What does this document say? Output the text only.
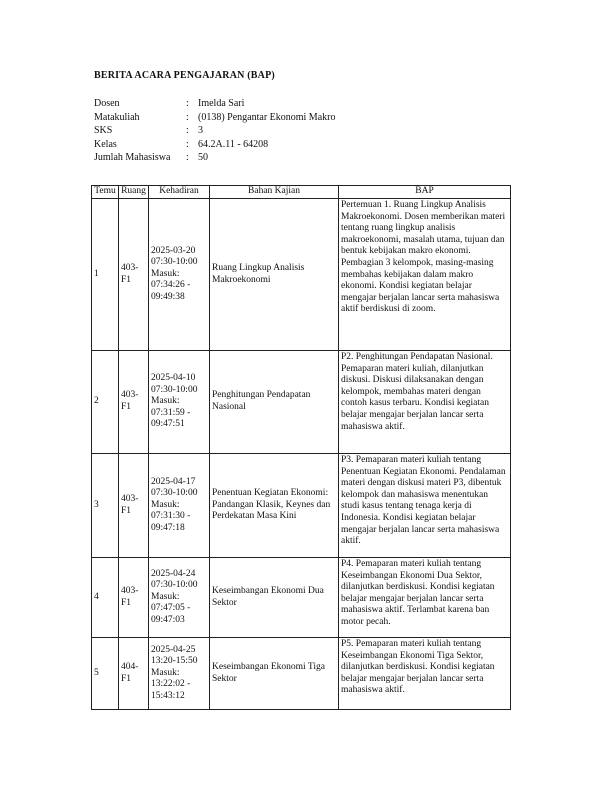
BERITA ACARA PENGAJARAN (BAP)
Dosen	: Imelda Sari
Matakuliah	: (0138) Pengantar Ekonomi Makro
SKS	: 3
Kelas	: 64.2A.11 - 64208
Jumlah Mahasiswa	: 50
Temu	Ruang	Kehadiran	Bahan Kajian	BAP
1	403-F1	2025-03-20 07:30-10:00 Masuk: 07:34:26 - 09:49:38	Ruang Lingkup Analisis Makroekonomi	Pertemuan 1. Ruang Lingkup Analisis Makroekonomi. Dosen memberikan materi tentang ruang lingkup analisis makroekonomi, masalah utama, tujuan dan bentuk kebijakan makro ekonomi. Pembagian 3 kelompok, masing-masing membahas kebijakan dalam makro ekonomi. Kondisi kegiatan belajar mengajar berjalan lancar serta mahasiswa aktif berdiskusi di zoom.
2	403-F1	2025-04-10 07:30-10:00 Masuk: 07:31:59 - 09:47:51	Penghitungan Pendapatan Nasional	P2. Penghitungan Pendapatan Nasional. Pemaparan materi kuliah, dilanjutkan diskusi. Diskusi dilaksanakan dengan kelompok, membahas materi dengan contoh kasus terbaru. Kondisi kegiatan belajar mengajar berjalan lancar serta mahasiswa aktif.
3	403-F1	2025-04-17 07:30-10:00 Masuk: 07:31:30 - 09:47:18	Penentuan Kegiatan Ekonomi: Pandangan Klasik, Keynes dan Perdekatan Masa Kini	P3. Pemaparan materi kuliah tentang Penentuan Kegiatan Ekonomi. Pendalaman materi dengan diskusi materi P3, dibentuk kelompok dan mahasiswa menentukan studi kasus tentang tenaga kerja di Indonesia. Kondisi kegiatan belajar mengajar berjalan lancar serta mahasiswa aktif.
4	403-F1	2025-04-24 07:30-10:00 Masuk: 07:47:05 - 09:47:03	Keseimbangan Ekonomi Dua Sektor	P4. Pemaparan materi kuliah tentang Keseimbangan Ekonomi Dua Sektor, dilanjutkan berdiskusi. Kondisi kegiatan belajar mengajar berjalan lancar serta mahasiswa aktif. Terlambat karena ban motor pecah.
5	404-F1	2025-04-25 13:20-15:50 Masuk: 13:22:02 - 15:43:12	Keseimbangan Ekonomi Tiga Sektor	P5. Pemaparan materi kuliah tentang Keseimbangan Ekonomi Tiga Sektor, dilanjutkan berdiskusi. Kondisi kegiatan belajar mengajar berjalan lancar serta mahasiswa aktif.
